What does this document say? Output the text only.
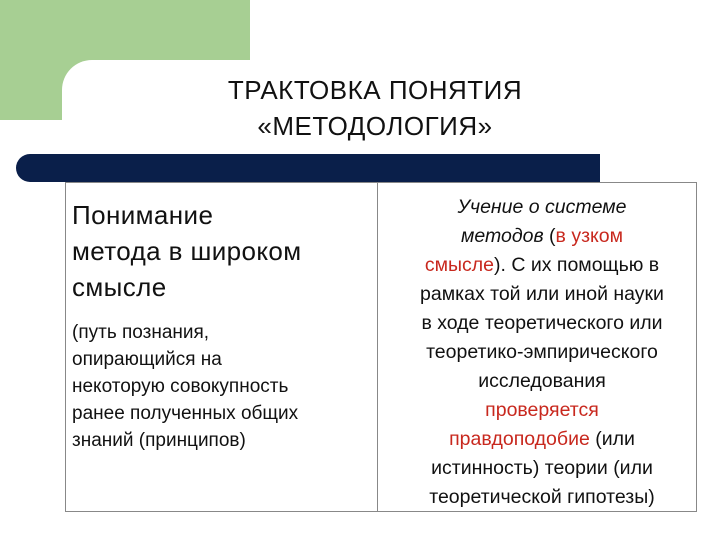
ТРАКТОВКА ПОНЯТИЯ
«МЕТОДОЛОГИЯ»
Понимание
метода в широком
смысле
(путь познания,
опирающийся на
некоторую совокупность
ранее полученных общих
знаний (принципов)
Учение о системе
методов (в узком
смысле). С их помощью в
рамках той или иной науки
в ходе теоретического или
теоретико-эмпирического
исследования
проверяется
правдоподобие (или
истинность) теории (или
теоретической гипотезы)
